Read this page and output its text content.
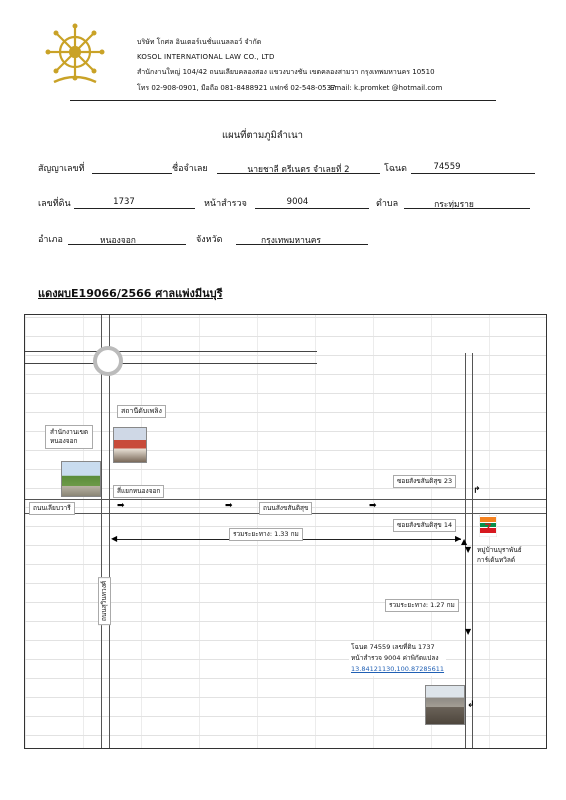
บริษัท โกศล อินเตอร์เนชั่นแนลลอว์ จำกัด
KOSOL INTERNATIONAL LAW CO., LTD
สำนักงานใหญ่ 104/42 ถนนเลียบคลองสอง แขวงบางชัน เขตคลองสามวา กรุงเทพมหานคร 10510
โทร 02-908-0901, มือถือ 081-8488921 แฟกซ์ 02-548-0537
Email: k.promket @hotmail.com
แผนที่ตามภูมิลำเนา
สัญญาเลขที่	ชื่อจำเลย	นายชาลี ตรีเนตร จำเลยที่ 2	โฉนด	74559
เลขที่ดิน	1737	หน้าสำรวจ	9004	ตำบล	กระทุ่มราย
อำเภอ	หนองจอก	จังหวัด	กรุงเทพมหานคร
แดงผบE19066/2566 ศาลแพ่งมีนบุรี
สถานีดับเพลิง
สำนักงานเขต
หนองจอก
สี่แยกหนองจอก
ถนนเลียบวารี	ถนนสังขสันติสุข
ถนนสุวินทวงศ์
➡	➡	➡
◀	▶
รวมระยะทาง: 1.33 กม
ซอยสังขสันติสุข 23
ซอยสังขสันติสุข 14
↱
▲
▼
▼
7
หมู่บ้านบุราพันธ์
การ์เด้นทวิลด์
รวมระยะทาง: 1.27 กม
โฉนด 74559 เลขที่ดิน 1737
หน้าสำรวจ 9004 ค่าพิกัดแปลง
13.84121130,100.87285611
↲
